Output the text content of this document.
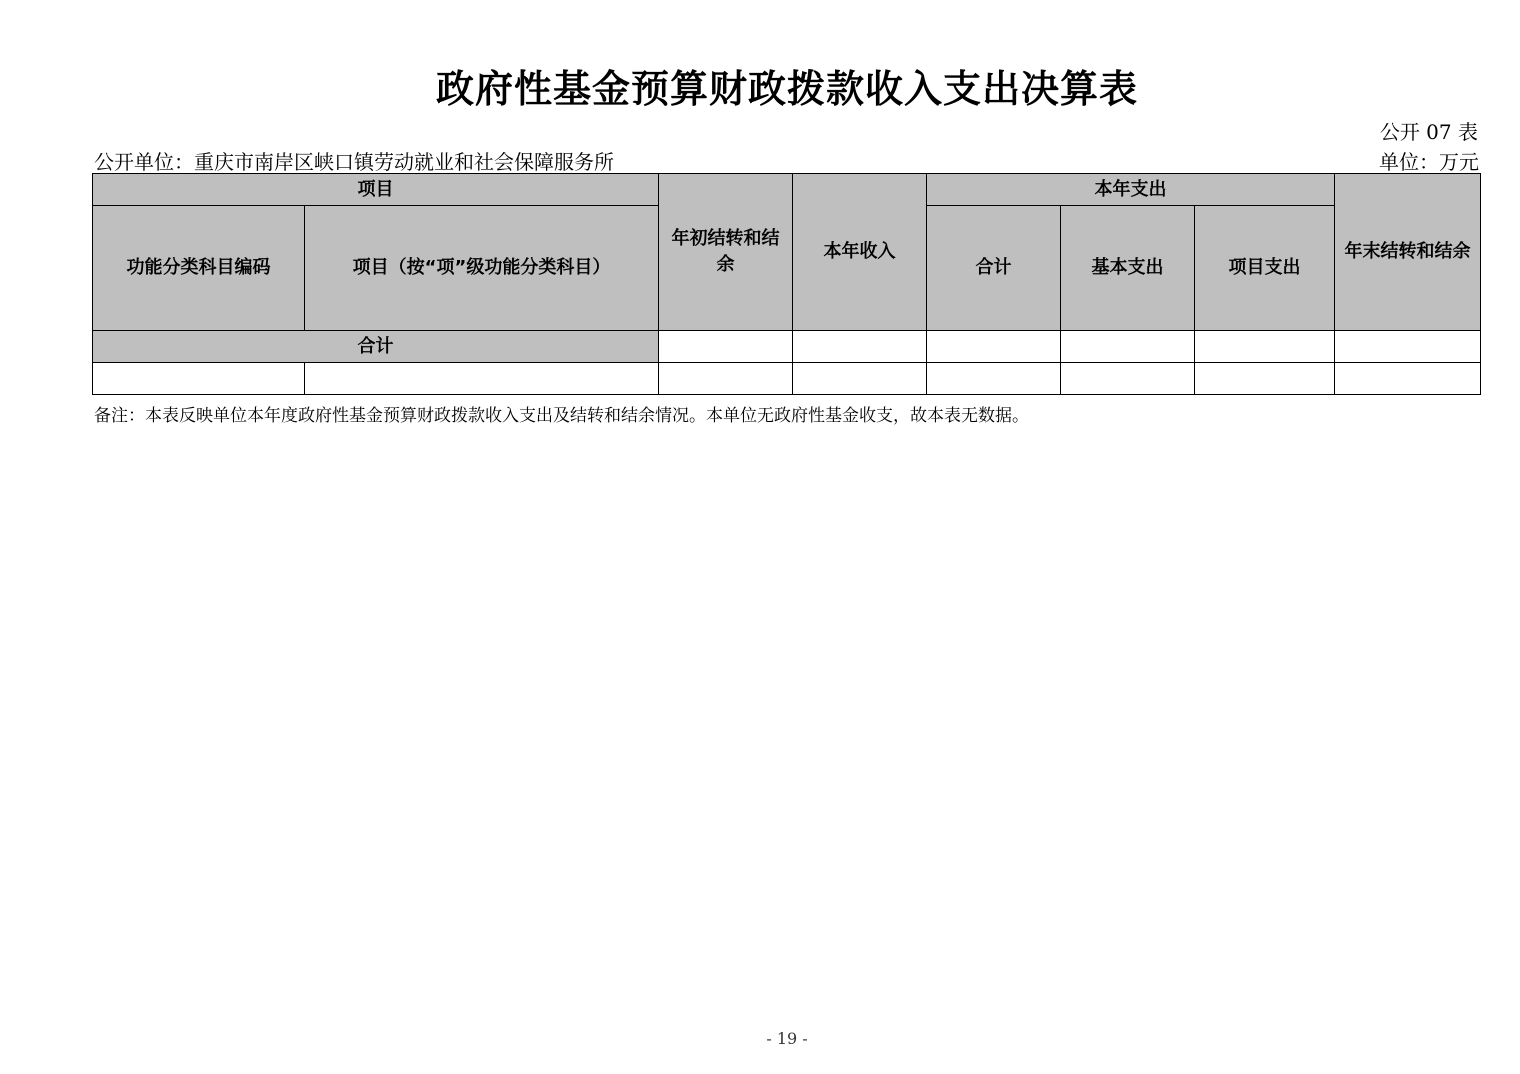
政府性基金预算财政拨款收入支出决算表
公开 07 表
公开单位：重庆市南岸区峡口镇劳动就业和社会保障服务所	单位：万元
项目		年初结转和结余	本年收入	本年支出			年末结转和结余
功能分类科目编码	项目（按“项”级功能分类科目）			合计	基本支出	项目支出	
合计							

备注：本表反映单位本年度政府性基金预算财政拨款收入支出及结转和结余情况。本单位无政府性基金收支，故本表无数据。
- 19 -
